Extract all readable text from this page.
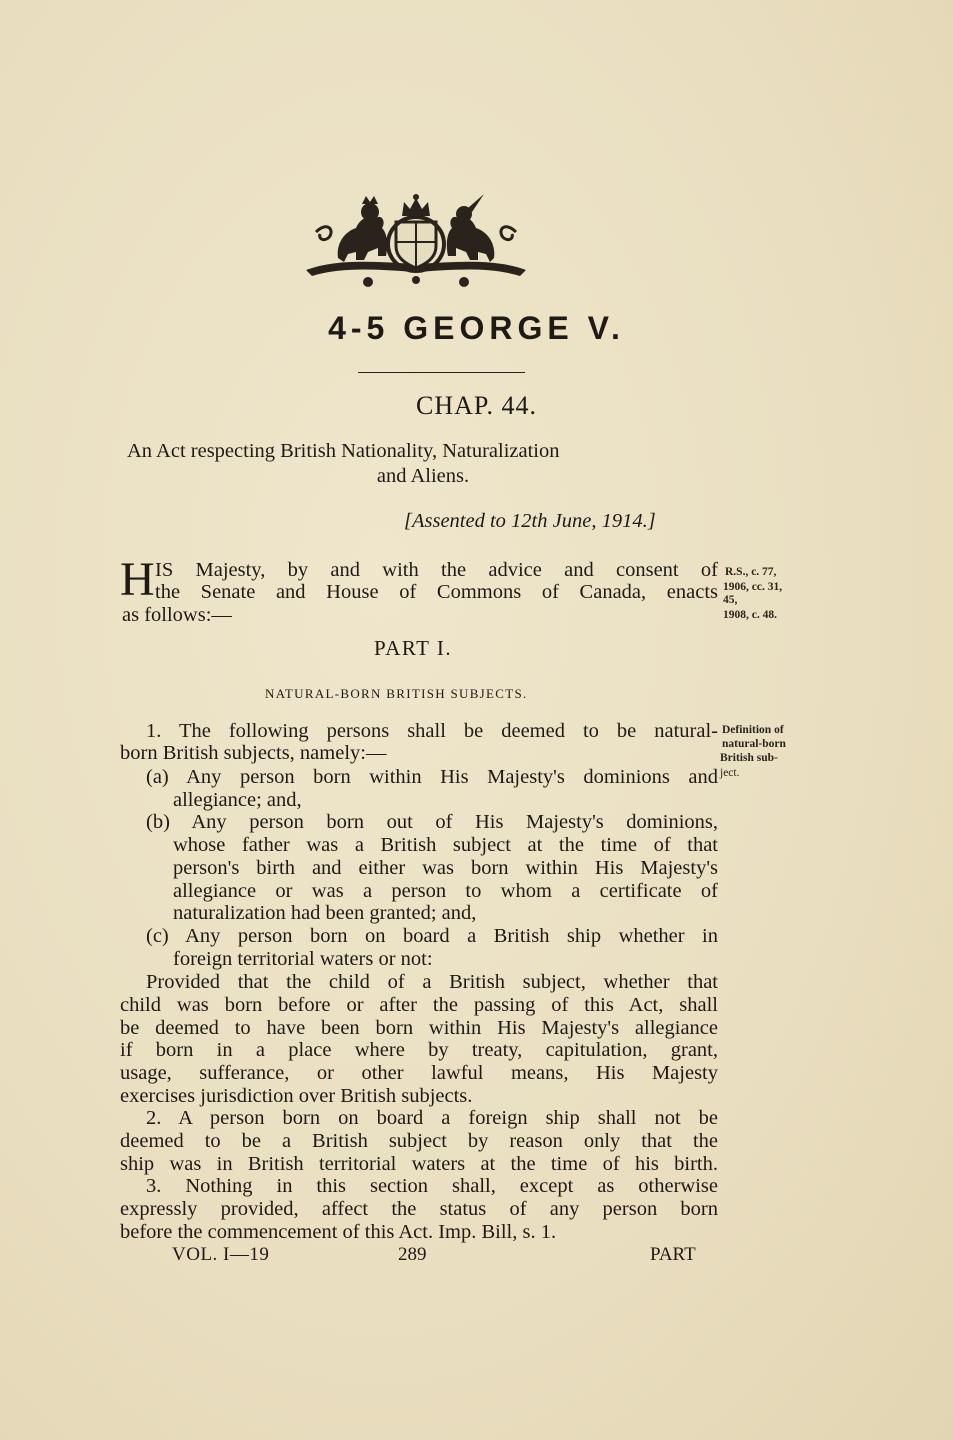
4-5 GEORGE V.
CHAP. 44.
An Act respecting British Nationality, Naturalization
and Aliens.
[Assented to 12th June, 1914.]
H IS Majesty, by and with the advice and consent of
the Senate and House of Commons of Canada, enacts
as follows:—
R.S., c. 77,
1906, cc. 31,
45,
1908, c. 48.
PART I.
NATURAL-BORN BRITISH SUBJECTS.
1. The following persons shall be deemed to be natural-
born British subjects, namely:—
Definition of
natural-born
British sub-
ject.
(a) Any person born within His Majesty's dominions and
allegiance; and,
(b) Any person born out of His Majesty's dominions,
whose father was a British subject at the time of that
person's birth and either was born within His Majesty's
allegiance or was a person to whom a certificate of
naturalization had been granted; and,
(c) Any person born on board a British ship whether in
foreign territorial waters or not:
Provided that the child of a British subject, whether that
child was born before or after the passing of this Act, shall
be deemed to have been born within His Majesty's allegiance
if born in a place where by treaty, capitulation, grant,
usage, sufferance, or other lawful means, His Majesty
exercises jurisdiction over British subjects.
2. A person born on board a foreign ship shall not be
deemed to be a British subject by reason only that the
ship was in British territorial waters at the time of his birth.
3. Nothing in this section shall, except as otherwise
expressly provided, affect the status of any person born
before the commencement of this Act. Imp. Bill, s. 1.
VOL. I—19	289	PART
